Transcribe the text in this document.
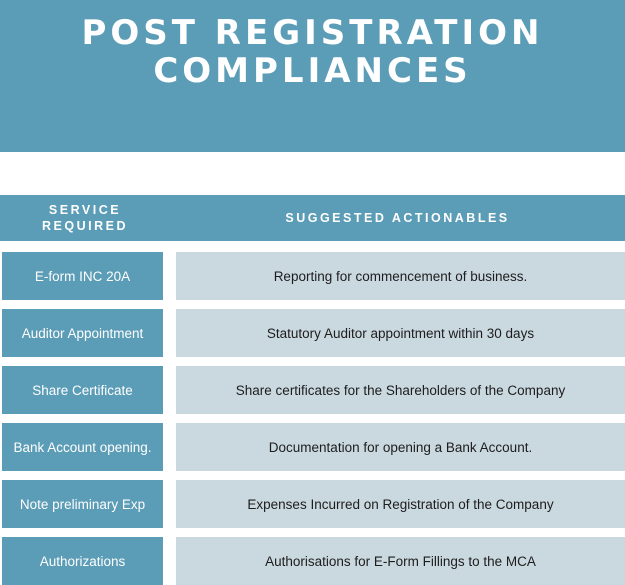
POST REGISTRATION
COMPLIANCES
SERVICE REQUIRED
SUGGESTED ACTIONABLES
E-form INC 20A	Reporting for commencement of business.
Auditor Appointment	Statutory Auditor appointment within 30 days
Share Certificate	Share certificates for the Shareholders of the Company
Bank Account opening.	Documentation for opening a Bank Account.
Note preliminary Exp	Expenses Incurred on Registration of the Company
Authorizations	Authorisations for E-Form Fillings to the MCA
